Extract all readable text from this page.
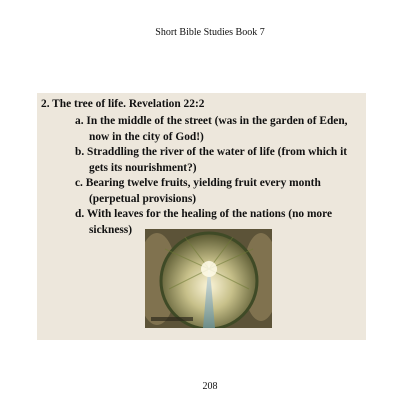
Short Bible Studies Book 7
2. The tree of life. Revelation 22:2

a. In the middle of the street (was in the garden of Eden, now in the city of God!)

b. Straddling the river of the water of life (from which it gets its nourishment?)

c. Bearing twelve fruits, yielding fruit every month (perpetual provisions)

d. With leaves for the healing of the nations (no more sickness)

208
